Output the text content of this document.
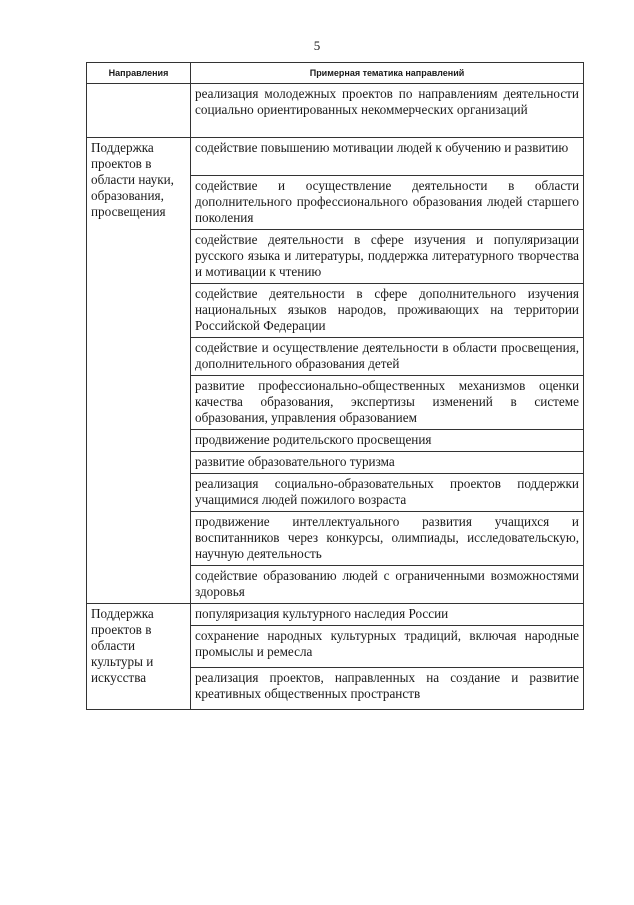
5
Направления	Примерная тематика направлений
	реализация молодежных проектов по направлениям деятельности социально ориентированных некоммерческих организаций
Поддержка проектов в области науки, образования, просвещения	содействие повышению мотивации людей к обучению и развитию
	содействие и осуществление деятельности в области дополнительного профессионального образования людей старшего поколения
	содействие деятельности в сфере изучения и популяризации русского языка и литературы, поддержка литературного творчества и мотивации к чтению
	содействие деятельности в сфере дополнительного изучения национальных языков народов, проживающих на территории Российской Федерации
	содействие и осуществление деятельности в области просвещения, дополнительного образования детей
	развитие профессионально-общественных механизмов оценки качества образования, экспертизы изменений в системе образования, управления образованием
	продвижение родительского просвещения
	развитие образовательного туризма
	реализация социально-образовательных проектов поддержки учащимися людей пожилого возраста
	продвижение интеллектуального развития учащихся и воспитанников через конкурсы, олимпиады, исследовательскую, научную деятельность
	содействие образованию людей с ограниченными возможностями здоровья
Поддержка проектов в области культуры и искусства	популяризация культурного наследия России
	сохранение народных культурных традиций, включая народные промыслы и ремесла
	реализация проектов, направленных на создание и развитие креативных общественных пространств
